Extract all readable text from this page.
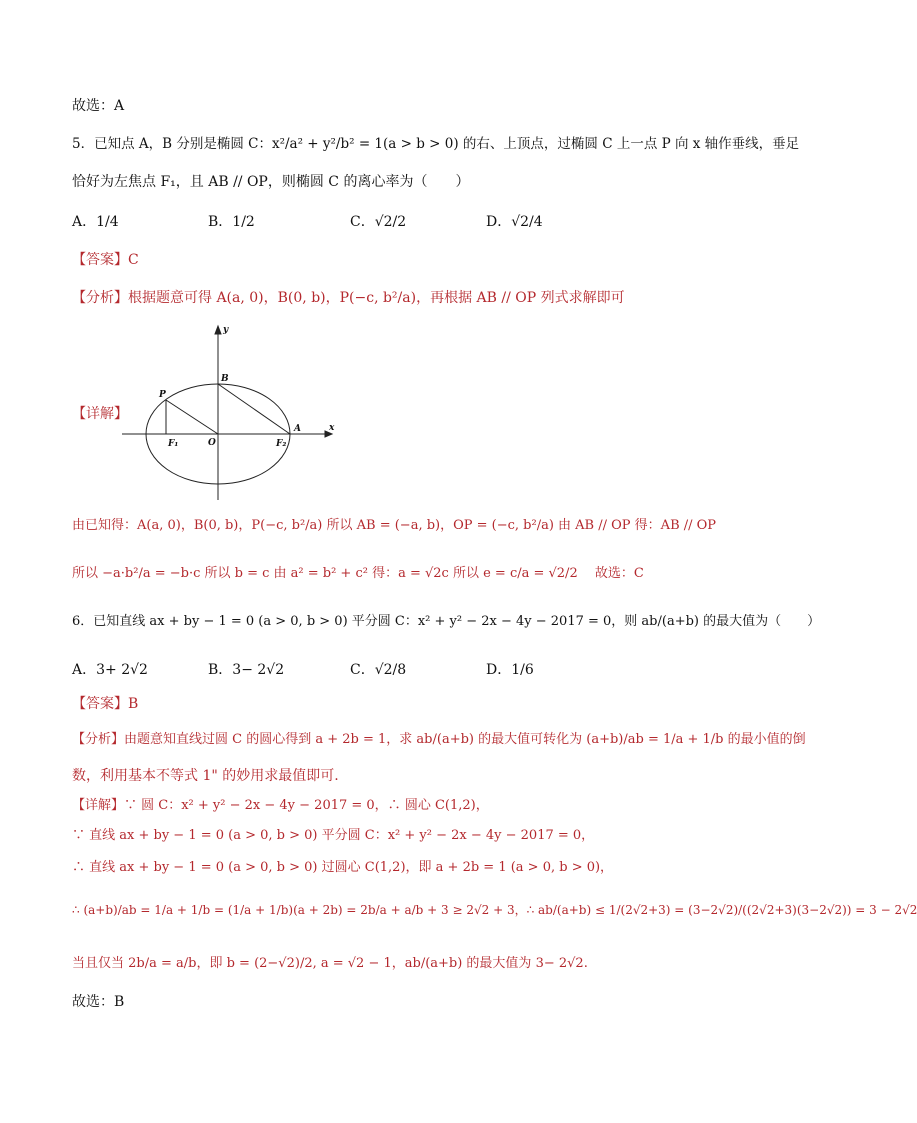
故选：A
5．已知点 A，B 分别是椭圆 C：x²/a² + y²/b² = 1(a > b > 0) 的右、上顶点，过椭圆 C 上一点 P 向 x 轴作垂线，垂足
恰好为左焦点 F₁，且 AB // OP，则椭圆 C 的离心率为（　　）
A．1/4	B．1/2	C．√2/2	D．√2/4
【答案】C
【分析】根据题意可得 A(a, 0)，B(0, b)，P(−c, b²/a)，再根据 AB // OP 列式求解即可
【详解】
y
x
P
B
A
O
F₁	F₂
由已知得：A(a, 0)，B(0, b)，P(−c, b²/a) 所以 AB = (−a, b)，OP = (−c, b²/a) 由 AB // OP 得：AB // OP
所以 −a·b²/a = −b·c 所以 b = c 由 a² = b² + c² 得：a = √2c 所以 e = c/a = √2/2　 故选：C
6．已知直线 ax + by − 1 = 0 (a > 0, b > 0) 平分圆 C：x² + y² − 2x − 4y − 2017 = 0，则 ab/(a+b) 的最大值为（　　）
A．3+ 2√2	B．3− 2√2	C．√2/8	D．1/6
【答案】B
【分析】由题意知直线过圆 C 的圆心得到 a + 2b = 1，求 ab/(a+b) 的最大值可转化为 (a+b)/ab = 1/a + 1/b 的最小值的倒
数，利用基本不等式 1" 的妙用求最值即可.
【详解】∵ 圆 C：x² + y² − 2x − 4y − 2017 = 0，∴ 圆心 C(1,2)，
∵ 直线 ax + by − 1 = 0 (a > 0, b > 0) 平分圆 C：x² + y² − 2x − 4y − 2017 = 0，
∴ 直线 ax + by − 1 = 0 (a > 0, b > 0) 过圆心 C(1,2)，即 a + 2b = 1 (a > 0, b > 0)，
∴ (a+b)/ab = 1/a + 1/b = (1/a + 1/b)(a + 2b) = 2b/a + a/b + 3 ≥ 2√2 + 3，∴ ab/(a+b) ≤ 1/(2√2+3) = (3−2√2)/((2√2+3)(3−2√2)) = 3 − 2√2
当且仅当 2b/a = a/b，即 b = (2−√2)/2, a = √2 − 1，ab/(a+b) 的最大值为 3− 2√2.
故选：B
